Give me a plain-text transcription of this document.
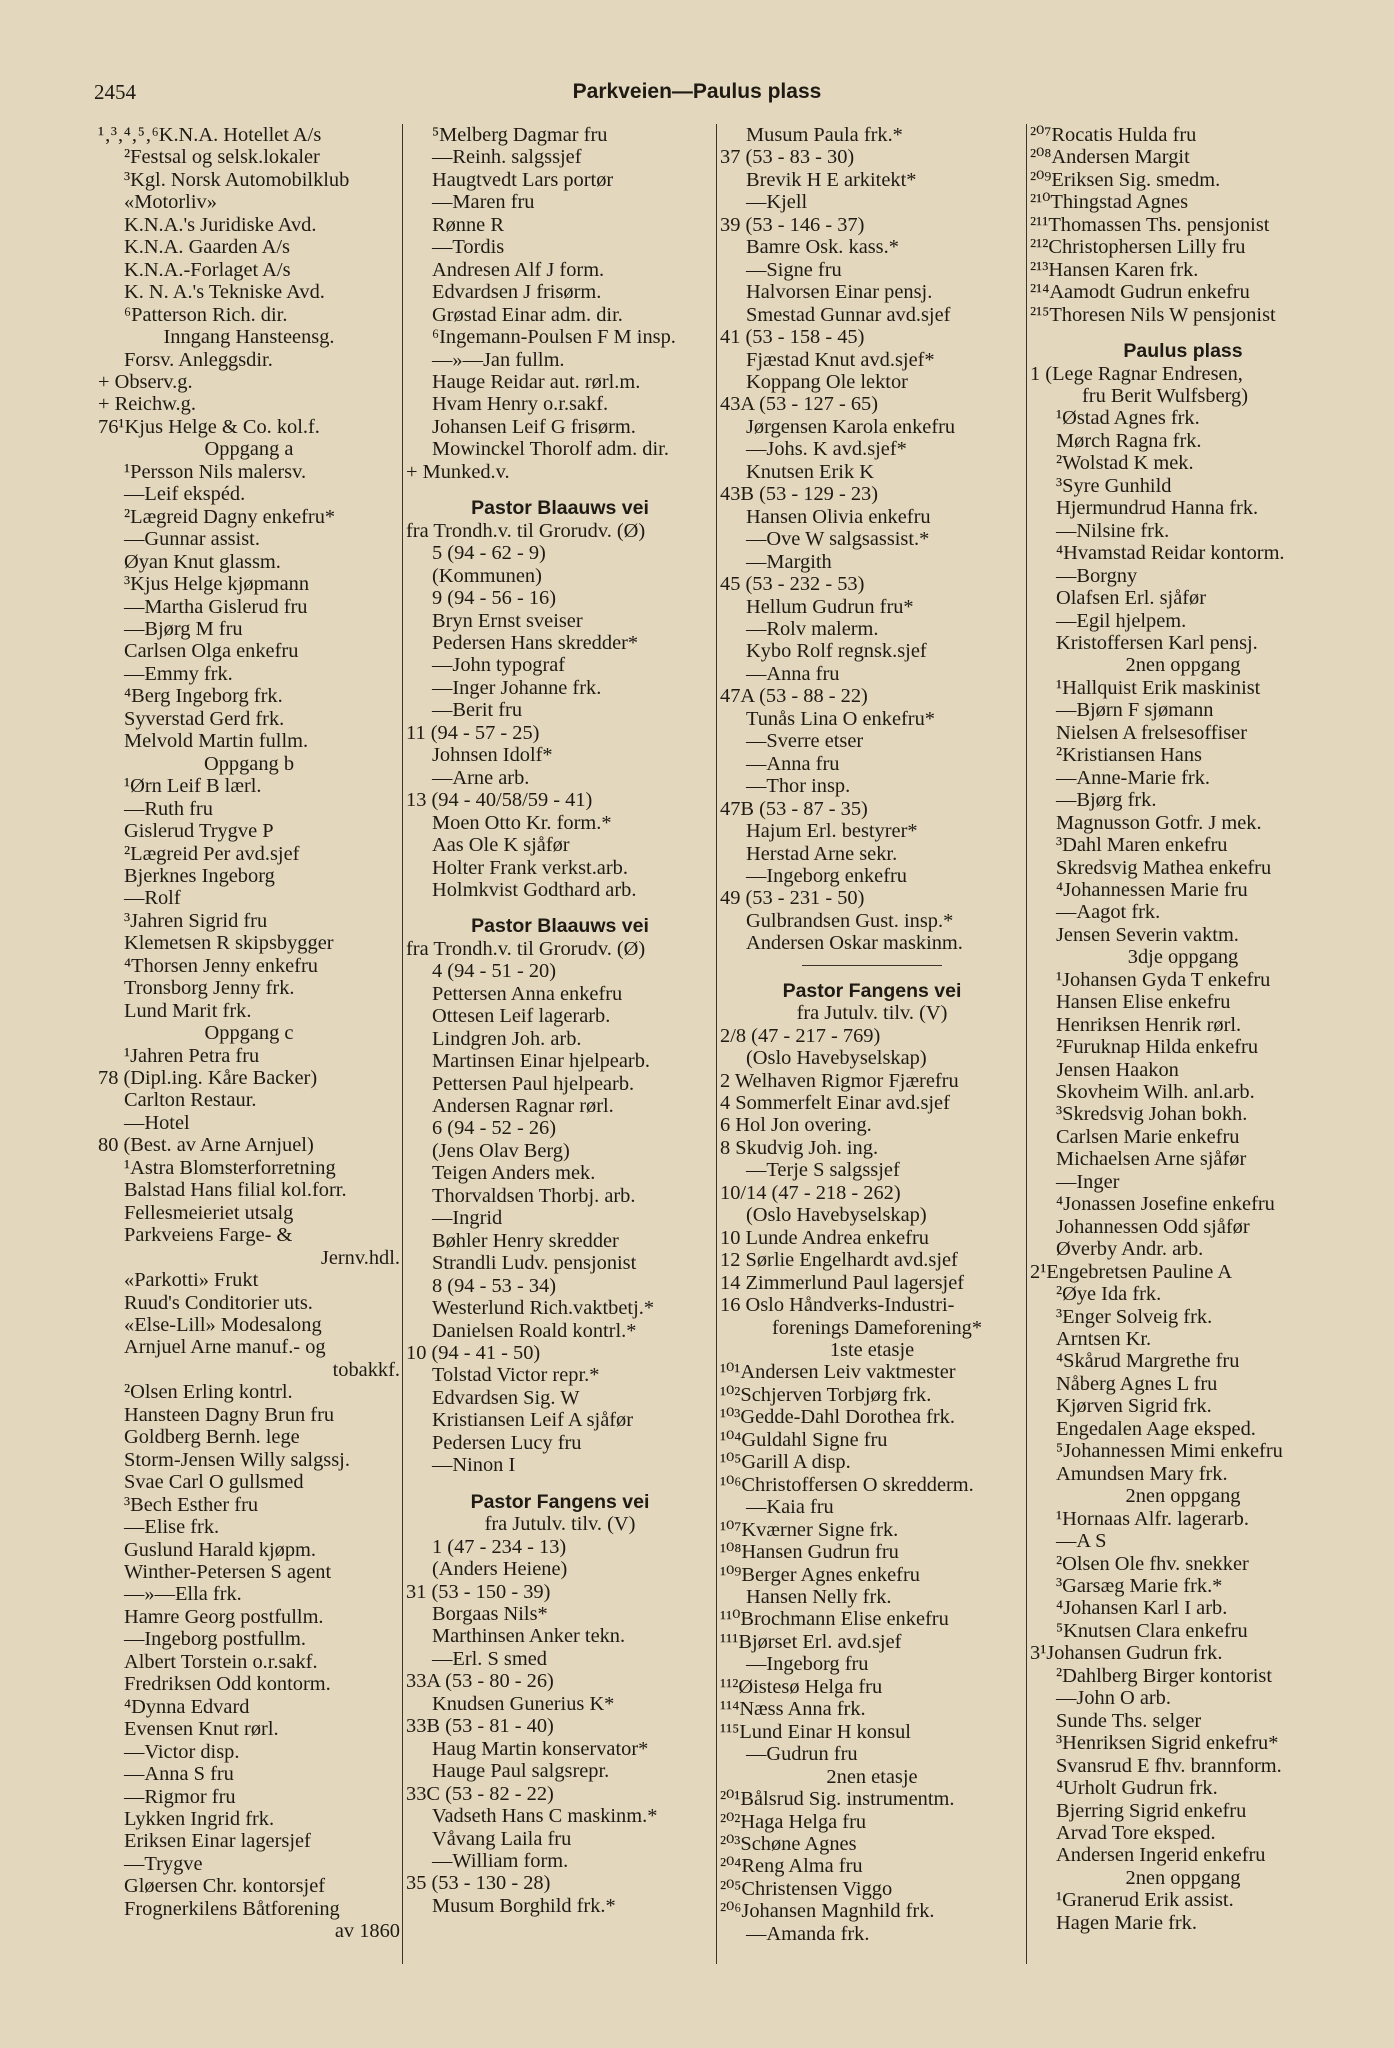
2454	Parkveien—Paulus plass
¹‚³‚⁴‚⁵‚⁶K.N.A. Hotellet A/s
²Festsal og selsk.lokaler
³Kgl. Norsk Automobilklub
«Motorliv»
K.N.A.'s Juridiske Avd.
K.N.A. Gaarden A/s
K.N.A.-Forlaget A/s
K. N. A.'s Tekniske Avd.
⁶Patterson Rich. dir.
Inngang Hansteensg.
Forsv. Anleggsdir.
+ Observ.g.
+ Reichw.g.
76¹Kjus Helge & Co. kol.f.
Oppgang a
¹Persson Nils malersv.
—Leif ekspéd.
²Lægreid Dagny enkefru*
—Gunnar assist.
Øyan Knut glassm.
³Kjus Helge kjøpmann
—Martha Gislerud fru
—Bjørg M fru
Carlsen Olga enkefru
—Emmy frk.
⁴Berg Ingeborg frk.
Syverstad Gerd frk.
Melvold Martin fullm.
Oppgang b
¹Ørn Leif B lærl.
—Ruth fru
Gislerud Trygve P
²Lægreid Per avd.sjef
Bjerknes Ingeborg
—Rolf
³Jahren Sigrid fru
Klemetsen R skipsbygger
⁴Thorsen Jenny enkefru
Tronsborg Jenny frk.
Lund Marit frk.
Oppgang c
¹Jahren Petra fru
78 (Dipl.ing. Kåre Backer)
Carlton Restaur.
—Hotel
80 (Best. av Arne Arnjuel)
¹Astra Blomsterforretning
Balstad Hans filial kol.forr.
Fellesmeieriet utsalg
Parkveiens Farge- &
Jernv.hdl.
«Parkotti» Frukt
Ruud's Conditorier uts.
«Else-Lill» Modesalong
Arnjuel Arne manuf.- og
tobakkf.
²Olsen Erling kontrl.
Hansteen Dagny Brun fru
Goldberg Bernh. lege
Storm-Jensen Willy salgssj.
Svae Carl O gullsmed
³Bech Esther fru
—Elise frk.
Guslund Harald kjøpm.
Winther-Petersen S agent
—»—Ella frk.
Hamre Georg postfullm.
—Ingeborg postfullm.
Albert Torstein o.r.sakf.
Fredriksen Odd kontorm.
⁴Dynna Edvard
Evensen Knut rørl.
—Victor disp.
—Anna S fru
—Rigmor fru
Lykken Ingrid frk.
Eriksen Einar lagersjef
—Trygve
Gløersen Chr. kontorsjef
Frognerkilens Båtforening
av 1860
⁵Melberg Dagmar fru
—Reinh. salgssjef
Haugtvedt Lars portør
—Maren fru
Rønne R
—Tordis
Andresen Alf J form.
Edvardsen J frisørm.
Grøstad Einar adm. dir.
⁶Ingemann-Poulsen F M insp.
—»—Jan fullm.
Hauge Reidar aut. rørl.m.
Hvam Henry o.r.sakf.
Johansen Leif G frisørm.
Mowinckel Thorolf adm. dir.
+ Munked.v.
Pastor Blaauws vei
fra Trondh.v. til Grorudv. (Ø)
5 (94 - 62 - 9)
(Kommunen)
9 (94 - 56 - 16)
Bryn Ernst sveiser
Pedersen Hans skredder*
—John typograf
—Inger Johanne frk.
—Berit fru
11 (94 - 57 - 25)
Johnsen Idolf*
—Arne arb.
13 (94 - 40/58/59 - 41)
Moen Otto Kr. form.*
Aas Ole K sjåfør
Holter Frank verkst.arb.
Holmkvist Godthard arb.
Pastor Blaauws vei
fra Trondh.v. til Grorudv. (Ø)
4 (94 - 51 - 20)
Pettersen Anna enkefru
Ottesen Leif lagerarb.
Lindgren Joh. arb.
Martinsen Einar hjelpearb.
Pettersen Paul hjelpearb.
Andersen Ragnar rørl.
6 (94 - 52 - 26)
(Jens Olav Berg)
Teigen Anders mek.
Thorvaldsen Thorbj. arb.
—Ingrid
Bøhler Henry skredder
Strandli Ludv. pensjonist
8 (94 - 53 - 34)
Westerlund Rich.vaktbetj.*
Danielsen Roald kontrl.*
10 (94 - 41 - 50)
Tolstad Victor repr.*
Edvardsen Sig. W
Kristiansen Leif A sjåfør
Pedersen Lucy fru
—Ninon I
Pastor Fangens vei
fra Jutulv. tilv. (V)
1 (47 - 234 - 13)
(Anders Heiene)
31 (53 - 150 - 39)
Borgaas Nils*
Marthinsen Anker tekn.
—Erl. S smed
33A (53 - 80 - 26)
Knudsen Gunerius K*
33B (53 - 81 - 40)
Haug Martin konservator*
Hauge Paul salgsrepr.
33C (53 - 82 - 22)
Vadseth Hans C maskinm.*
Våvang Laila fru
—William form.
35 (53 - 130 - 28)
Musum Borghild frk.*
Musum Paula frk.*
37 (53 - 83 - 30)
Brevik H E arkitekt*
—Kjell
39 (53 - 146 - 37)
Bamre Osk. kass.*
—Signe fru
Halvorsen Einar pensj.
Smestad Gunnar avd.sjef
41 (53 - 158 - 45)
Fjæstad Knut avd.sjef*
Koppang Ole lektor
43A (53 - 127 - 65)
Jørgensen Karola enkefru
—Johs. K avd.sjef*
Knutsen Erik K
43B (53 - 129 - 23)
Hansen Olivia enkefru
—Ove W salgsassist.*
—Margith
45 (53 - 232 - 53)
Hellum Gudrun fru*
—Rolv malerm.
Kybo Rolf regnsk.sjef
—Anna fru
47A (53 - 88 - 22)
Tunås Lina O enkefru*
—Sverre etser
—Anna fru
—Thor insp.
47B (53 - 87 - 35)
Hajum Erl. bestyrer*
Herstad Arne sekr.
—Ingeborg enkefru
49 (53 - 231 - 50)
Gulbrandsen Gust. insp.*
Andersen Oskar maskinm.
Pastor Fangens vei
fra Jutulv. tilv. (V)
2/8 (47 - 217 - 769)
(Oslo Havebyselskap)
2 Welhaven Rigmor Fjærefru
4 Sommerfelt Einar avd.sjef
6 Hol Jon overing.
8 Skudvig Joh. ing.
—Terje S salgssjef
10/14 (47 - 218 - 262)
(Oslo Havebyselskap)
10 Lunde Andrea enkefru
12 Sørlie Engelhardt avd.sjef
14 Zimmerlund Paul lagersjef
16 Oslo Håndverks-Industri-
forenings Dameforening*
1ste etasje
¹⁰¹Andersen Leiv vaktmester
¹⁰²Schjerven Torbjørg frk.
¹⁰³Gedde-Dahl Dorothea frk.
¹⁰⁴Guldahl Signe fru
¹⁰⁵Garill A disp.
¹⁰⁶Christoffersen O skredderm.
—Kaia fru
¹⁰⁷Kværner Signe frk.
¹⁰⁸Hansen Gudrun fru
¹⁰⁹Berger Agnes enkefru
Hansen Nelly frk.
¹¹⁰Brochmann Elise enkefru
¹¹¹Bjørset Erl. avd.sjef
—Ingeborg fru
¹¹²Øistesø Helga fru
¹¹⁴Næss Anna frk.
¹¹⁵Lund Einar H konsul
—Gudrun fru
2nen etasje
²⁰¹Bålsrud Sig. instrumentm.
²⁰²Haga Helga fru
²⁰³Schøne Agnes
²⁰⁴Reng Alma fru
²⁰⁵Christensen Viggo
²⁰⁶Johansen Magnhild frk.
—Amanda frk.
²⁰⁷Rocatis Hulda fru
²⁰⁸Andersen Margit
²⁰⁹Eriksen Sig. smedm.
²¹⁰Thingstad Agnes
²¹¹Thomassen Ths. pensjonist
²¹²Christophersen Lilly fru
²¹³Hansen Karen frk.
²¹⁴Aamodt Gudrun enkefru
²¹⁵Thoresen Nils W pensjonist
Paulus plass
1 (Lege Ragnar Endresen,
fru Berit Wulfsberg)
¹Østad Agnes frk.
Mørch Ragna frk.
²Wolstad K mek.
³Syre Gunhild
Hjermundrud Hanna frk.
—Nilsine frk.
⁴Hvamstad Reidar kontorm.
—Borgny
Olafsen Erl. sjåfør
—Egil hjelpem.
Kristoffersen Karl pensj.
2nen oppgang
¹Hallquist Erik maskinist
—Bjørn F sjømann
Nielsen A frelsesoffiser
²Kristiansen Hans
—Anne-Marie frk.
—Bjørg frk.
Magnusson Gotfr. J mek.
³Dahl Maren enkefru
Skredsvig Mathea enkefru
⁴Johannessen Marie fru
—Aagot frk.
Jensen Severin vaktm.
3dje oppgang
¹Johansen Gyda T enkefru
Hansen Elise enkefru
Henriksen Henrik rørl.
²Furuknap Hilda enkefru
Jensen Haakon
Skovheim Wilh. anl.arb.
³Skredsvig Johan bokh.
Carlsen Marie enkefru
Michaelsen Arne sjåfør
—Inger
⁴Jonassen Josefine enkefru
Johannessen Odd sjåfør
Øverby Andr. arb.
2¹Engebretsen Pauline A
²Øye Ida frk.
³Enger Solveig frk.
Arntsen Kr.
⁴Skårud Margrethe fru
Nåberg Agnes L fru
Kjørven Sigrid frk.
Engedalen Aage eksped.
⁵Johannessen Mimi enkefru
Amundsen Mary frk.
2nen oppgang
¹Hornaas Alfr. lagerarb.
—A S
²Olsen Ole fhv. snekker
³Garsæg Marie frk.*
⁴Johansen Karl I arb.
⁵Knutsen Clara enkefru
3¹Johansen Gudrun frk.
²Dahlberg Birger kontorist
—John O arb.
Sunde Ths. selger
³Henriksen Sigrid enkefru*
Svansrud E fhv. brannform.
⁴Urholt Gudrun frk.
Bjerring Sigrid enkefru
Arvad Tore eksped.
Andersen Ingerid enkefru
2nen oppgang
¹Granerud Erik assist.
Hagen Marie frk.
